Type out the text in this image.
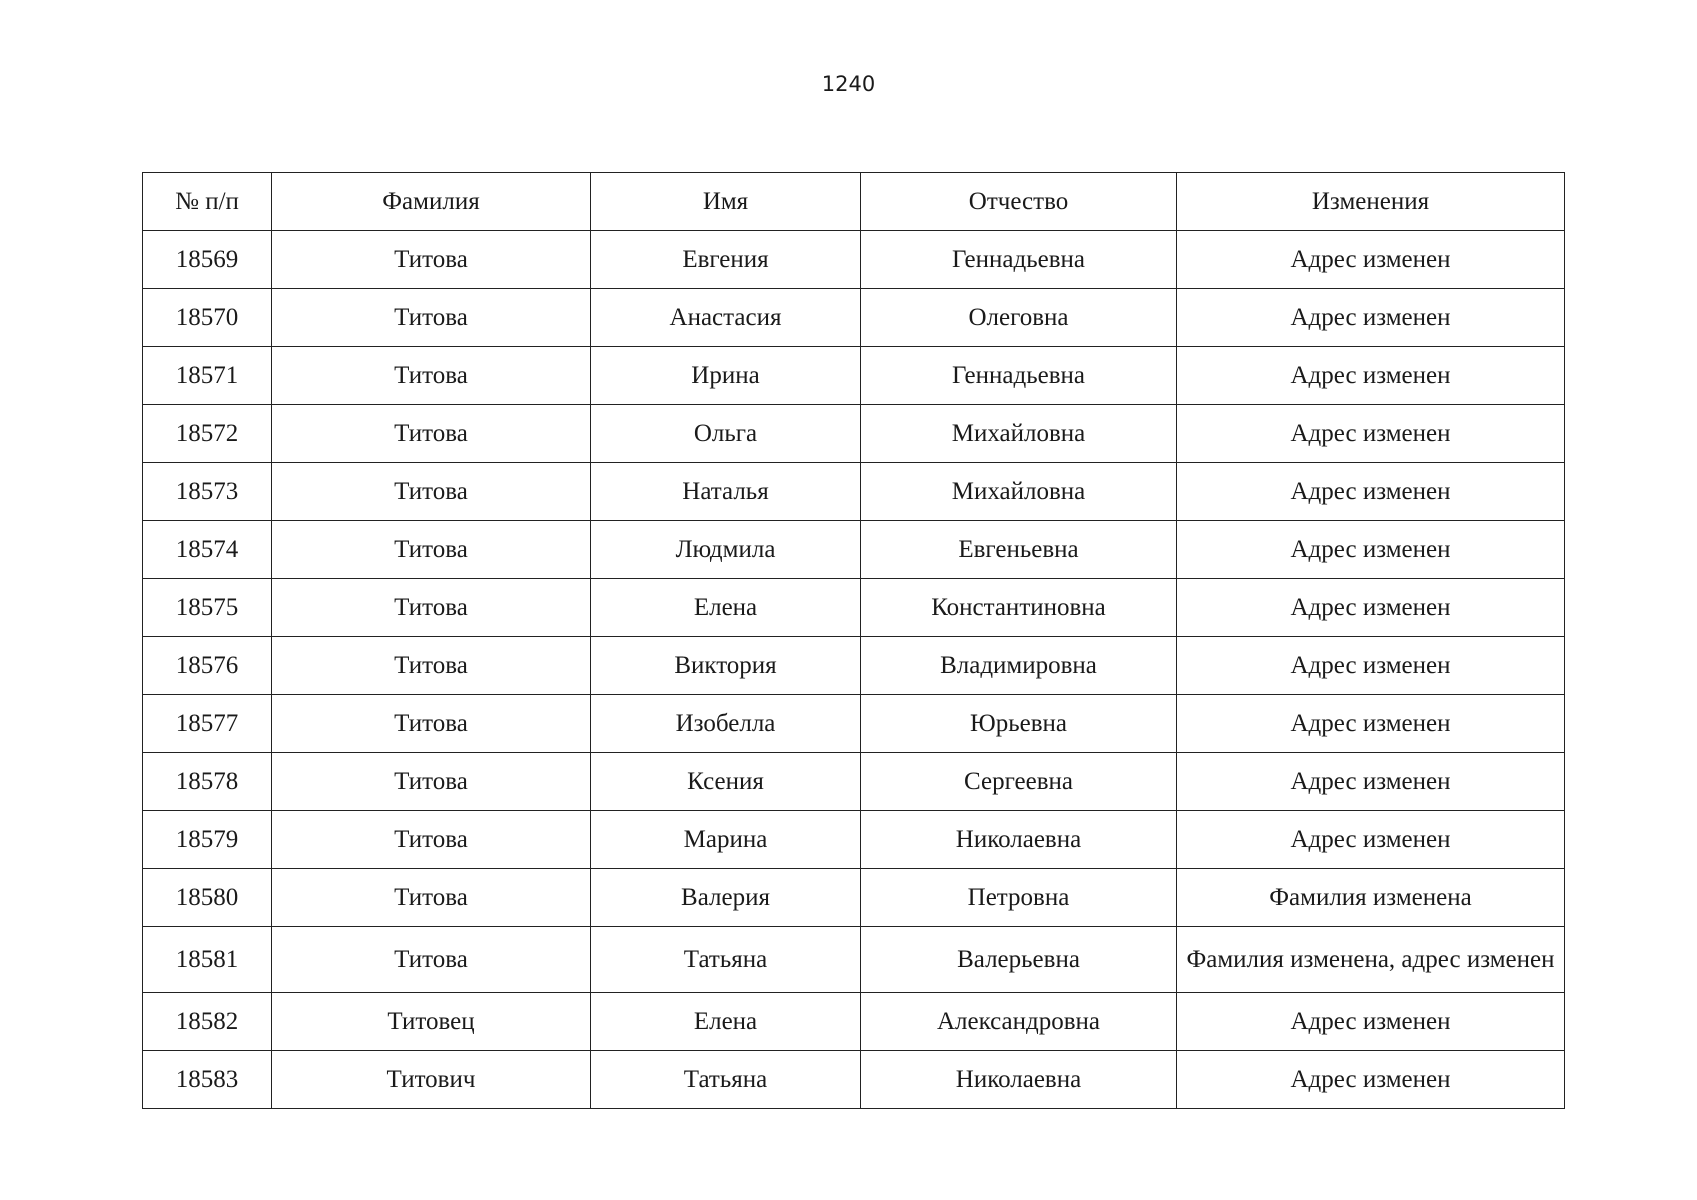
1240
№ п/п	Фамилия	Имя	Отчество	Изменения
18569	Титова	Евгения	Геннадьевна	Адрес изменен
18570	Титова	Анастасия	Олеговна	Адрес изменен
18571	Титова	Ирина	Геннадьевна	Адрес изменен
18572	Титова	Ольга	Михайловна	Адрес изменен
18573	Титова	Наталья	Михайловна	Адрес изменен
18574	Титова	Людмила	Евгеньевна	Адрес изменен
18575	Титова	Елена	Константиновна	Адрес изменен
18576	Титова	Виктория	Владимировна	Адрес изменен
18577	Титова	Изобелла	Юрьевна	Адрес изменен
18578	Титова	Ксения	Сергеевна	Адрес изменен
18579	Титова	Марина	Николаевна	Адрес изменен
18580	Титова	Валерия	Петровна	Фамилия изменена
18581	Титова	Татьяна	Валерьевна	Фамилия изменена, адрес изменен
18582	Титовец	Елена	Александровна	Адрес изменен
18583	Титович	Татьяна	Николаевна	Адрес изменен
